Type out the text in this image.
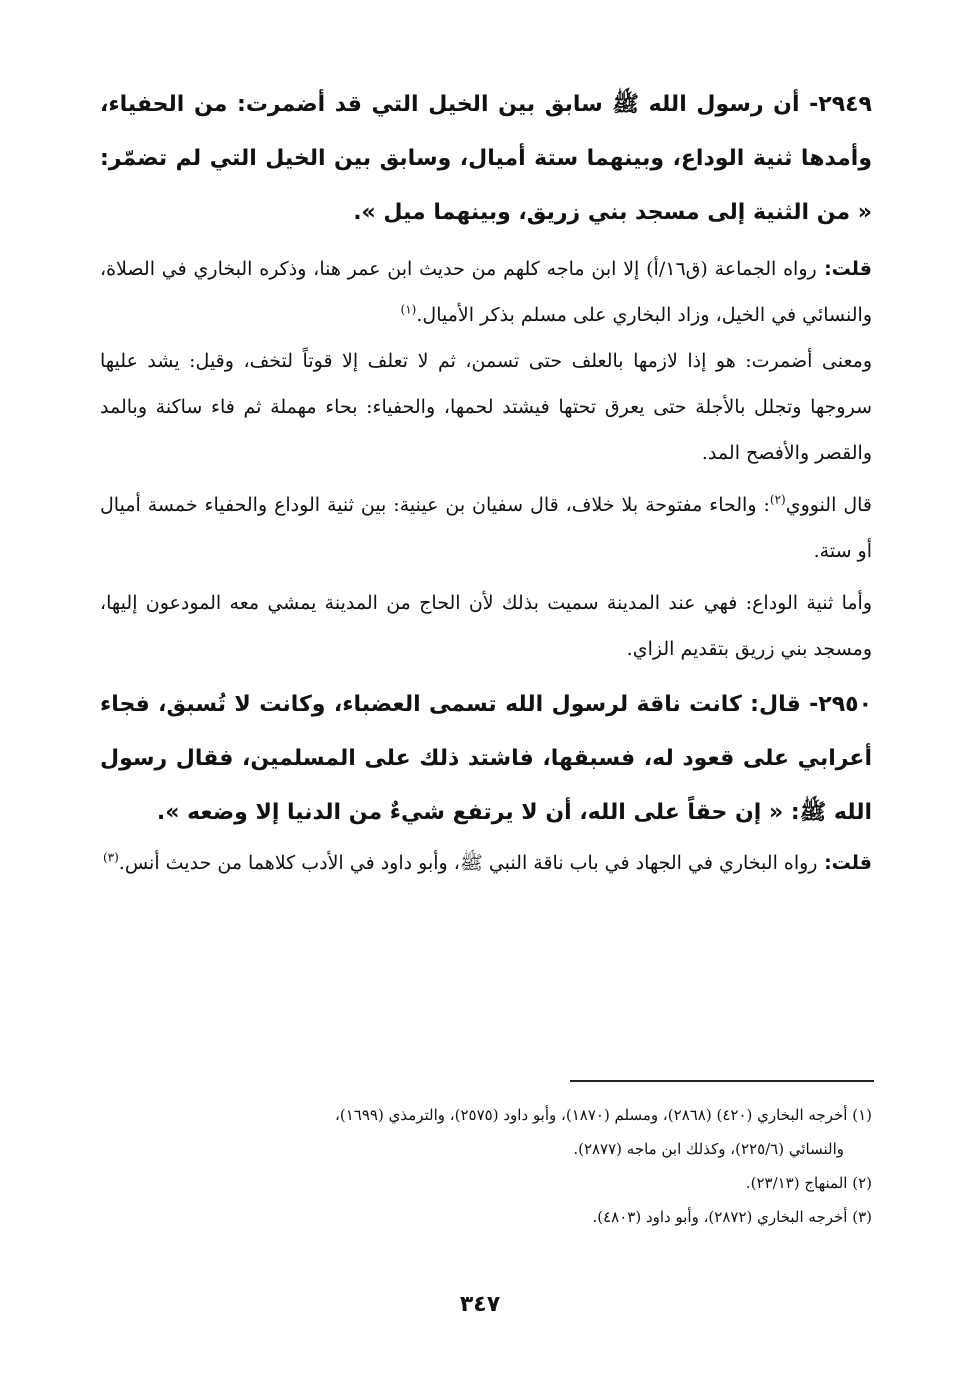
٢٩٤٩- أن رسول الله ﷺ سابق بين الخيل التي قد أضمرت: من الحفياء، وأمدها ثنية الوداع، وبينهما ستة أميال، وسابق بين الخيل التي لم تضمّر: « من الثنية إلى مسجد بني زريق، وبينهما ميل ».

قلت: رواه الجماعة (ق١٦/أ) إلا ابن ماجه كلهم من حديث ابن عمر هنا، وذكره البخاري في الصلاة، والنسائي في الخيل، وزاد البخاري على مسلم بذكر الأميال.$^{(١)}$

ومعنى أضمرت: هو إذا لازمها بالعلف حتى تسمن، ثم لا تعلف إلا قوتاً لتخف، وقيل: يشد عليها سروجها وتجلل بالأجلة حتى يعرق تحتها فيشتد لحمها، والحفياء: بحاء مهملة ثم فاء ساكنة وبالمد والقصر والأفصح المد.

قال النووي$^{(٢)}$: والحاء مفتوحة بلا خلاف، قال سفيان بن عينية: بين ثنية الوداع والحفياء خمسة أميال أو ستة.

وأما ثنية الوداع: فهي عند المدينة سميت بذلك لأن الحاج من المدينة يمشي معه المودعون إليها، ومسجد بني زريق بتقديم الزاي.

٢٩٥٠- قال: كانت ناقة لرسول الله تسمى العضباء، وكانت لا تُسبق، فجاء أعرابي على قعود له، فسبقها، فاشتد ذلك على المسلمين، فقال رسول الله ﷺ: « إن حقاً على الله، أن لا يرتفع شيءٌ من الدنيا إلا وضعه ».

قلت: رواه البخاري في الجهاد في باب ناقة النبي ﷺ، وأبو داود في الأدب كلاهما من حديث أنس.$^{(٣)}$

(١) أخرجه البخاري (٤٢٠) (٢٨٦٨)، ومسلم (١٨٧٠)، وأبو داود (٢٥٧٥)، والترمذي (١٦٩٩)،

والنسائي (٢٢٥/٦)، وكذلك ابن ماجه (٢٨٧٧).

(٢) المنهاج (٢٣/١٣).

(٣) أخرجه البخاري (٢٨٧٢)، وأبو داود (٤٨٠٣).

٣٤٧
